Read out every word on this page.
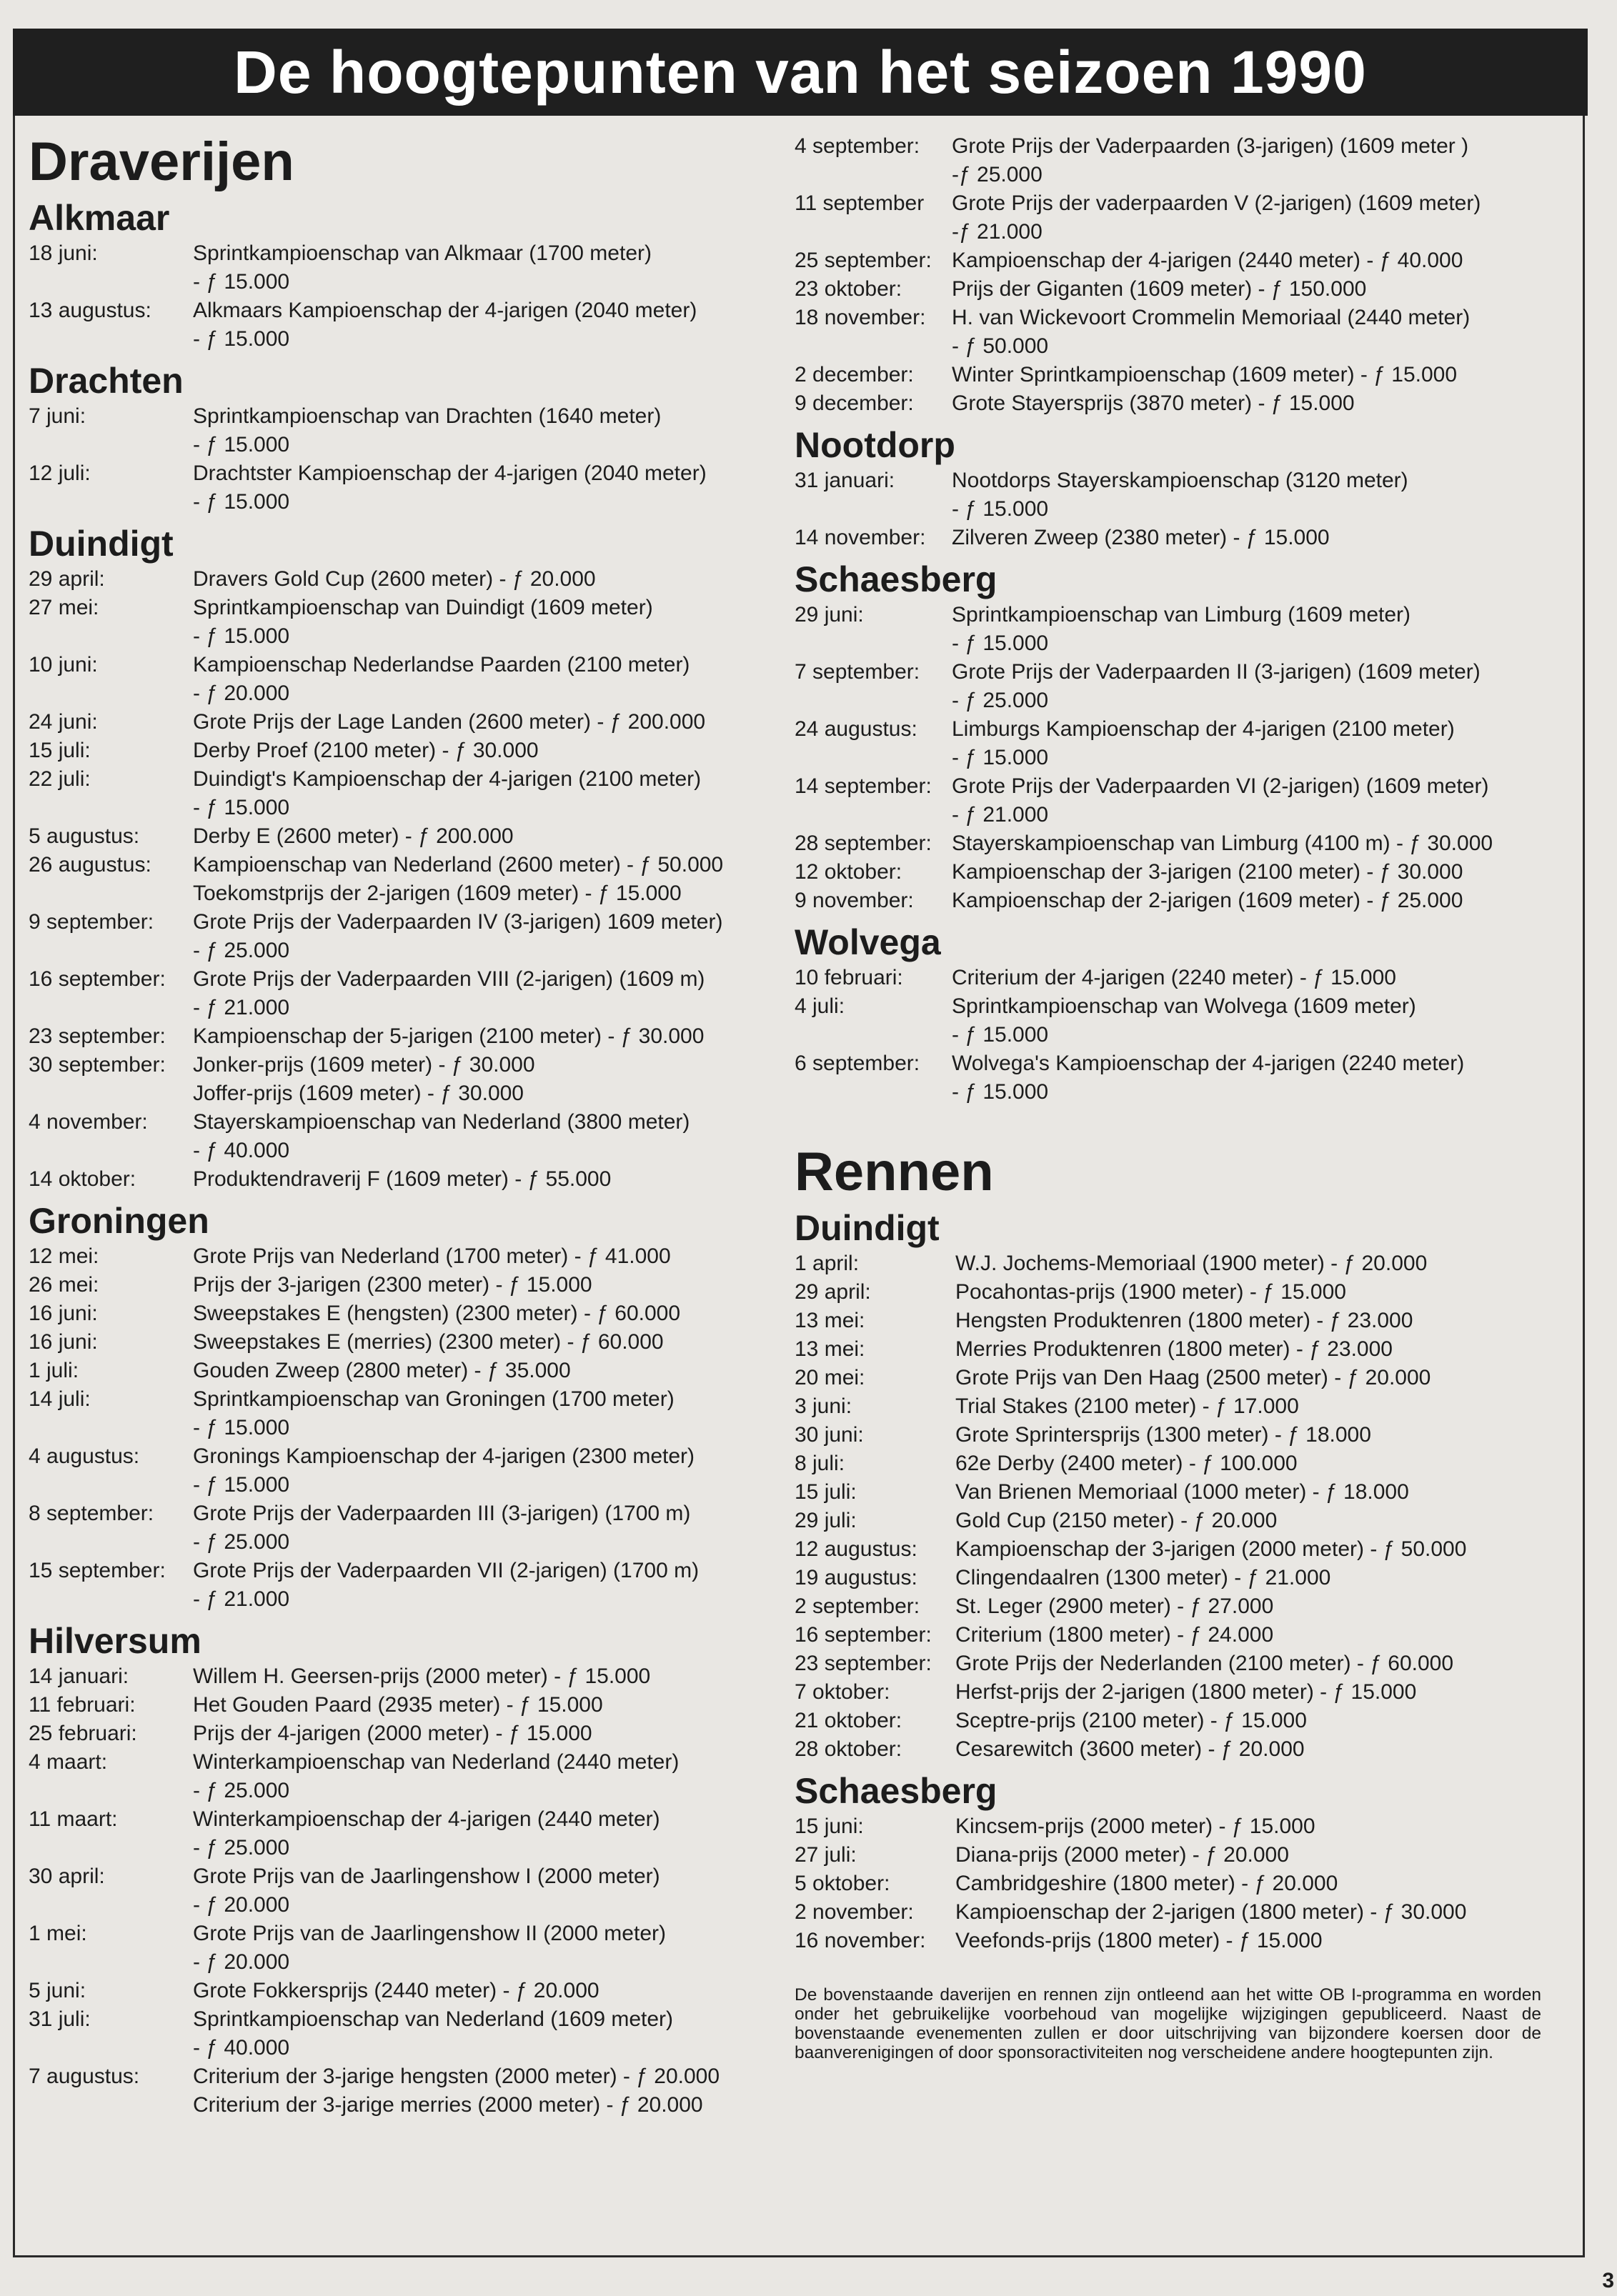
De hoogtepunten van het seizoen 1990
Draverijen
Alkmaar
18 juni:	Sprintkampioenschap van Alkmaar (1700 meter)
- ƒ 15.000
13 augustus:	Alkmaars Kampioenschap der 4-jarigen (2040 meter)
- ƒ 15.000
Drachten
7 juni:	Sprintkampioenschap van Drachten (1640 meter)
- ƒ 15.000
12 juli:	Drachtster Kampioenschap der 4-jarigen (2040 meter)
- ƒ 15.000
Duindigt
29 april:	Dravers Gold Cup (2600 meter) - ƒ 20.000
27 mei:	Sprintkampioenschap van Duindigt (1609 meter)
- ƒ 15.000
10 juni:	Kampioenschap Nederlandse Paarden (2100 meter)
- ƒ 20.000
24 juni:	Grote Prijs der Lage Landen (2600 meter) - ƒ 200.000
15 juli:	Derby Proef (2100 meter) - ƒ 30.000
22 juli:	Duindigt's Kampioenschap der 4-jarigen (2100 meter)
- ƒ 15.000
5 augustus:	Derby E (2600 meter) - ƒ 200.000
26 augustus:	Kampioenschap van Nederland (2600 meter) - ƒ 50.000
Toekomstprijs der 2-jarigen (1609 meter) - ƒ 15.000
9 september:	Grote Prijs der Vaderpaarden IV (3-jarigen) 1609 meter)
- ƒ 25.000
16 september:	Grote Prijs der Vaderpaarden VIII (2-jarigen) (1609 m)
- ƒ 21.000
23 september:	Kampioenschap der 5-jarigen (2100 meter) - ƒ 30.000
30 september:	Jonker-prijs (1609 meter) - ƒ 30.000
Joffer-prijs (1609 meter) - ƒ 30.000
4 november:	Stayerskampioenschap van Nederland (3800 meter)
- ƒ 40.000
14 oktober:	Produktendraverij F (1609 meter) - ƒ 55.000
Groningen
12 mei:	Grote Prijs van Nederland (1700 meter) - ƒ 41.000
26 mei:	Prijs der 3-jarigen (2300 meter) - ƒ 15.000
16 juni:	Sweepstakes E (hengsten) (2300 meter) - ƒ 60.000
16 juni:	Sweepstakes E (merries) (2300 meter) - ƒ 60.000
1 juli:	Gouden Zweep (2800 meter) - ƒ 35.000
14 juli:	Sprintkampioenschap van Groningen (1700 meter)
- ƒ 15.000
4 augustus:	Gronings Kampioenschap der 4-jarigen (2300 meter)
- ƒ 15.000
8 september:	Grote Prijs der Vaderpaarden III (3-jarigen) (1700 m)
- ƒ 25.000
15 september:	Grote Prijs der Vaderpaarden VII (2-jarigen) (1700 m)
- ƒ 21.000
Hilversum
14 januari:	Willem H. Geersen-prijs (2000 meter) - ƒ 15.000
11 februari:	Het Gouden Paard (2935 meter) - ƒ 15.000
25 februari:	Prijs der 4-jarigen (2000 meter) - ƒ 15.000
4 maart:	Winterkampioenschap van Nederland (2440 meter)
- ƒ 25.000
11 maart:	Winterkampioenschap der 4-jarigen (2440 meter)
- ƒ 25.000
30 april:	Grote Prijs van de Jaarlingenshow I (2000 meter)
- ƒ 20.000
1 mei:	Grote Prijs van de Jaarlingenshow II (2000 meter)
- ƒ 20.000
5 juni:	Grote Fokkersprijs (2440 meter) - ƒ 20.000
31 juli:	Sprintkampioenschap van Nederland (1609 meter)
- ƒ 40.000
7 augustus:	Criterium der 3-jarige hengsten (2000 meter) - ƒ 20.000
Criterium der 3-jarige merries (2000 meter) - ƒ 20.000
4 september:	Grote Prijs der Vaderpaarden (3-jarigen) (1609 meter )
-ƒ 25.000
11 september	Grote Prijs der vaderpaarden V (2-jarigen) (1609 meter)
-ƒ 21.000
25 september: Kampioenschap der 4-jarigen (2440 meter) - ƒ 40.000
23 oktober:	Prijs der Giganten (1609 meter) - ƒ 150.000
18 november:	H. van Wickevoort Crommelin Memoriaal (2440 meter)
- ƒ 50.000
2 december:	Winter Sprintkampioenschap (1609 meter) - ƒ 15.000
9 december:	Grote Stayersprijs (3870 meter) - ƒ 15.000
Nootdorp
31 januari:	Nootdorps Stayerskampioenschap (3120 meter)
- ƒ 15.000
14 november:	Zilveren Zweep (2380 meter) - ƒ 15.000
Schaesberg
29 juni:	Sprintkampioenschap van Limburg (1609 meter)
- ƒ 15.000
7 september:	Grote Prijs der Vaderpaarden II (3-jarigen) (1609 meter)
- ƒ 25.000
24 augustus:	Limburgs Kampioenschap der 4-jarigen (2100 meter)
- ƒ 15.000
14 september: Grote Prijs der Vaderpaarden VI (2-jarigen) (1609 meter)
- ƒ 21.000
28 september: Stayerskampioenschap van Limburg (4100 m) - ƒ 30.000
12 oktober:	Kampioenschap der 3-jarigen (2100 meter) - ƒ 30.000
9 november:	Kampioenschap der 2-jarigen (1609 meter) - ƒ 25.000
Wolvega
10 februari:	Criterium der 4-jarigen (2240 meter) - ƒ 15.000
4 juli:	Sprintkampioenschap van Wolvega (1609 meter)
- ƒ 15.000
6 september:	Wolvega's Kampioenschap der 4-jarigen (2240 meter)
- ƒ 15.000
Rennen
Duindigt
1 april:	W.J. Jochems-Memoriaal (1900 meter) - ƒ 20.000
29 april:	Pocahontas-prijs (1900 meter) - ƒ 15.000
13 mei:	Hengsten Produktenren (1800 meter) - ƒ 23.000
13 mei:	Merries Produktenren (1800 meter) - ƒ 23.000
20 mei:	Grote Prijs van Den Haag (2500 meter) - ƒ 20.000
3 juni:	Trial Stakes (2100 meter) - ƒ 17.000
30 juni:	Grote Sprintersprijs (1300 meter) - ƒ 18.000
8 juli:	62e Derby (2400 meter) - ƒ 100.000
15 juli:	Van Brienen Memoriaal (1000 meter) - ƒ 18.000
29 juli:	Gold Cup (2150 meter) - ƒ 20.000
12 augustus:	Kampioenschap der 3-jarigen (2000 meter) - ƒ 50.000
19 augustus:	Clingendaalren (1300 meter) - ƒ 21.000
2 september:	St. Leger (2900 meter) - ƒ 27.000
16 september:	Criterium (1800 meter) - ƒ 24.000
23 september:	Grote Prijs der Nederlanden (2100 meter) - ƒ 60.000
7 oktober:	Herfst-prijs der 2-jarigen (1800 meter) - ƒ 15.000
21 oktober:	Sceptre-prijs (2100 meter) - ƒ 15.000
28 oktober:	Cesarewitch (3600 meter) - ƒ 20.000
Schaesberg
15 juni:	Kincsem-prijs (2000 meter) - ƒ 15.000
27 juli:	Diana-prijs (2000 meter) - ƒ 20.000
5 oktober:	Cambridgeshire (1800 meter) - ƒ 20.000
2 november:	Kampioenschap der 2-jarigen (1800 meter) - ƒ 30.000
16 november:	Veefonds-prijs (1800 meter) - ƒ 15.000
De bovenstaande daverijen en rennen zijn ontleend aan het witte OB I-programma en worden onder het gebruikelijke voorbehoud van mogelijke wijzigingen gepubliceerd. Naast de bovenstaande evenementen zullen er door uitschrijving van bijzondere koersen door de baanverenigingen of door sponsoractiviteiten nog verscheidene andere hoogtepunten zijn.
3
